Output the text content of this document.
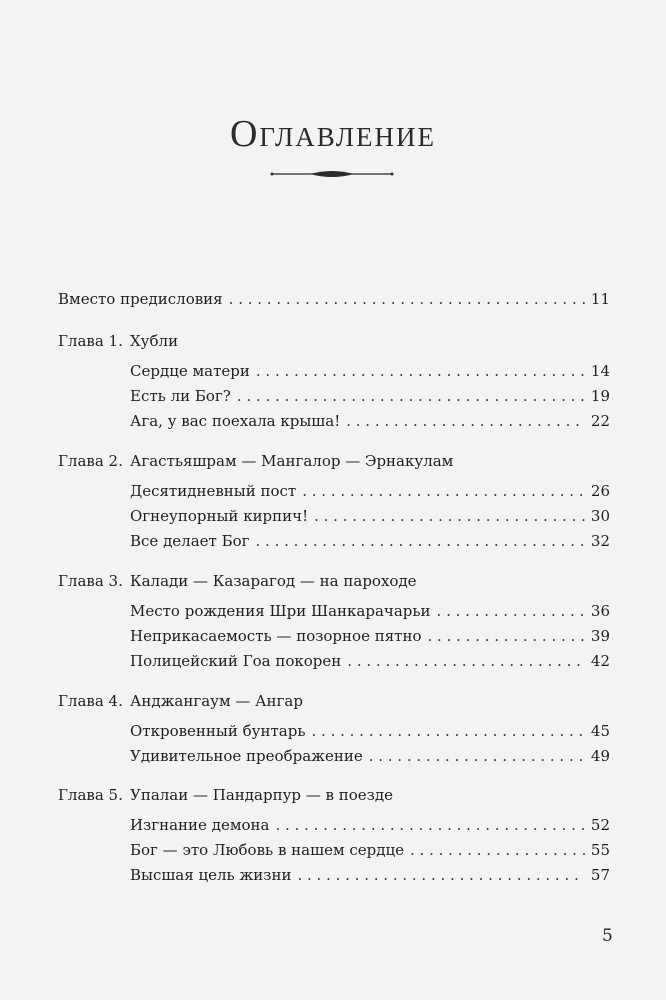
Оглавление
Вместо предисловия . . .	11
Глава 1. Хубли
Сердце матери . . .	14
Есть ли Бог? . . .	19
Ага, у вас поехала крыша! . . .	22
Глава 2. Агастьяшрам — Мангалор — Эрнакулам
Десятидневный пост . . .	26
Огнеупорный кирпич! . . .	30
Все делает Бог . . .	32
Глава 3. Калади — Казарагод — на пароходе
Место рождения Шри Шанкарачарьи . . .	36
Неприкасаемость — позорное пятно . . .	39
Полицейский Гоа покорен . . .	42
Глава 4. Анджангаум — Ангар
Откровенный бунтарь . . .	45
Удивительное преображение . . .	49
Глава 5. Упалаи — Пандарпур — в поезде
Изгнание демона . . .	52
Бог — это Любовь в нашем сердце . . .	55
Высшая цель жизни . . .	57
5
